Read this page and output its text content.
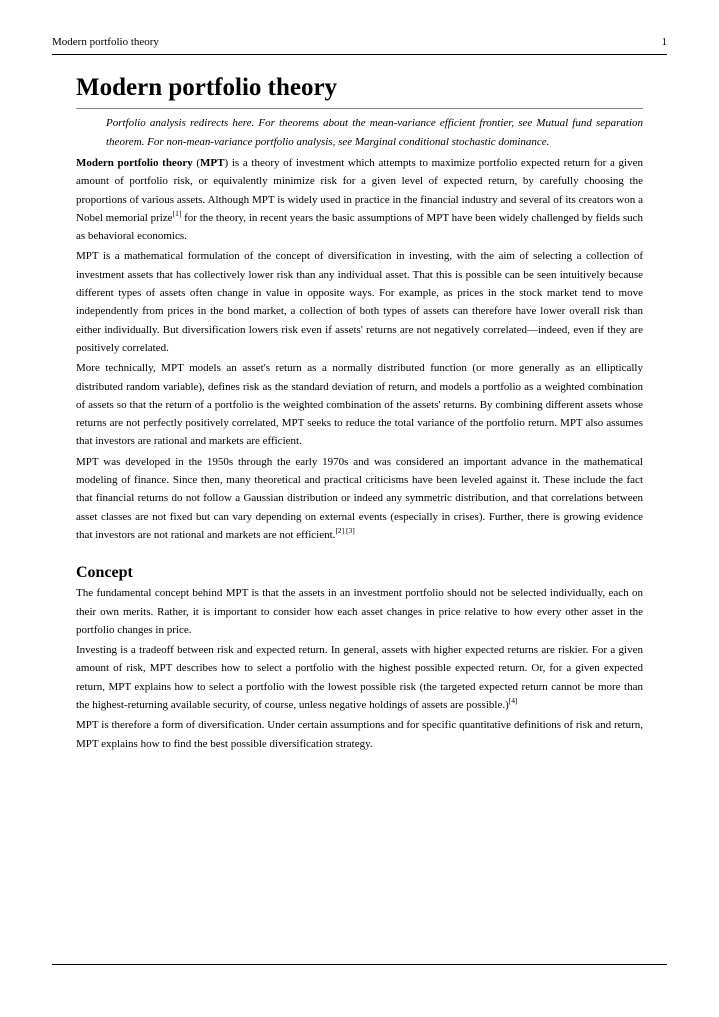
Modern portfolio theory	1
Modern portfolio theory
Portfolio analysis redirects here. For theorems about the mean-variance efficient frontier, see Mutual fund separation theorem. For non-mean-variance portfolio analysis, see Marginal conditional stochastic dominance.

Modern portfolio theory (MPT) is a theory of investment which attempts to maximize portfolio expected return for a given amount of portfolio risk, or equivalently minimize risk for a given level of expected return, by carefully choosing the proportions of various assets. Although MPT is widely used in practice in the financial industry and several of its creators won a Nobel memorial prize[1] for the theory, in recent years the basic assumptions of MPT have been widely challenged by fields such as behavioral economics.

MPT is a mathematical formulation of the concept of diversification in investing, with the aim of selecting a collection of investment assets that has collectively lower risk than any individual asset. That this is possible can be seen intuitively because different types of assets often change in value in opposite ways. For example, as prices in the stock market tend to move independently from prices in the bond market, a collection of both types of assets can therefore have lower overall risk than either individually. But diversification lowers risk even if assets' returns are not negatively correlated—indeed, even if they are positively correlated.

More technically, MPT models an asset's return as a normally distributed function (or more generally as an elliptically distributed random variable), defines risk as the standard deviation of return, and models a portfolio as a weighted combination of assets so that the return of a portfolio is the weighted combination of the assets' returns. By combining different assets whose returns are not perfectly positively correlated, MPT seeks to reduce the total variance of the portfolio return. MPT also assumes that investors are rational and markets are efficient.

MPT was developed in the 1950s through the early 1970s and was considered an important advance in the mathematical modeling of finance. Since then, many theoretical and practical criticisms have been leveled against it. These include the fact that financial returns do not follow a Gaussian distribution or indeed any symmetric distribution, and that correlations between asset classes are not fixed but can vary depending on external events (especially in crises). Further, there is growing evidence that investors are not rational and markets are not efficient.[2] [3]

Concept

The fundamental concept behind MPT is that the assets in an investment portfolio should not be selected individually, each on their own merits. Rather, it is important to consider how each asset changes in price relative to how every other asset in the portfolio changes in price.

Investing is a tradeoff between risk and expected return. In general, assets with higher expected returns are riskier. For a given amount of risk, MPT describes how to select a portfolio with the highest possible expected return. Or, for a given expected return, MPT explains how to select a portfolio with the lowest possible risk (the targeted expected return cannot be more than the highest-returning available security, of course, unless negative holdings of assets are possible.)[4]

MPT is therefore a form of diversification. Under certain assumptions and for specific quantitative definitions of risk and return, MPT explains how to find the best possible diversification strategy.
